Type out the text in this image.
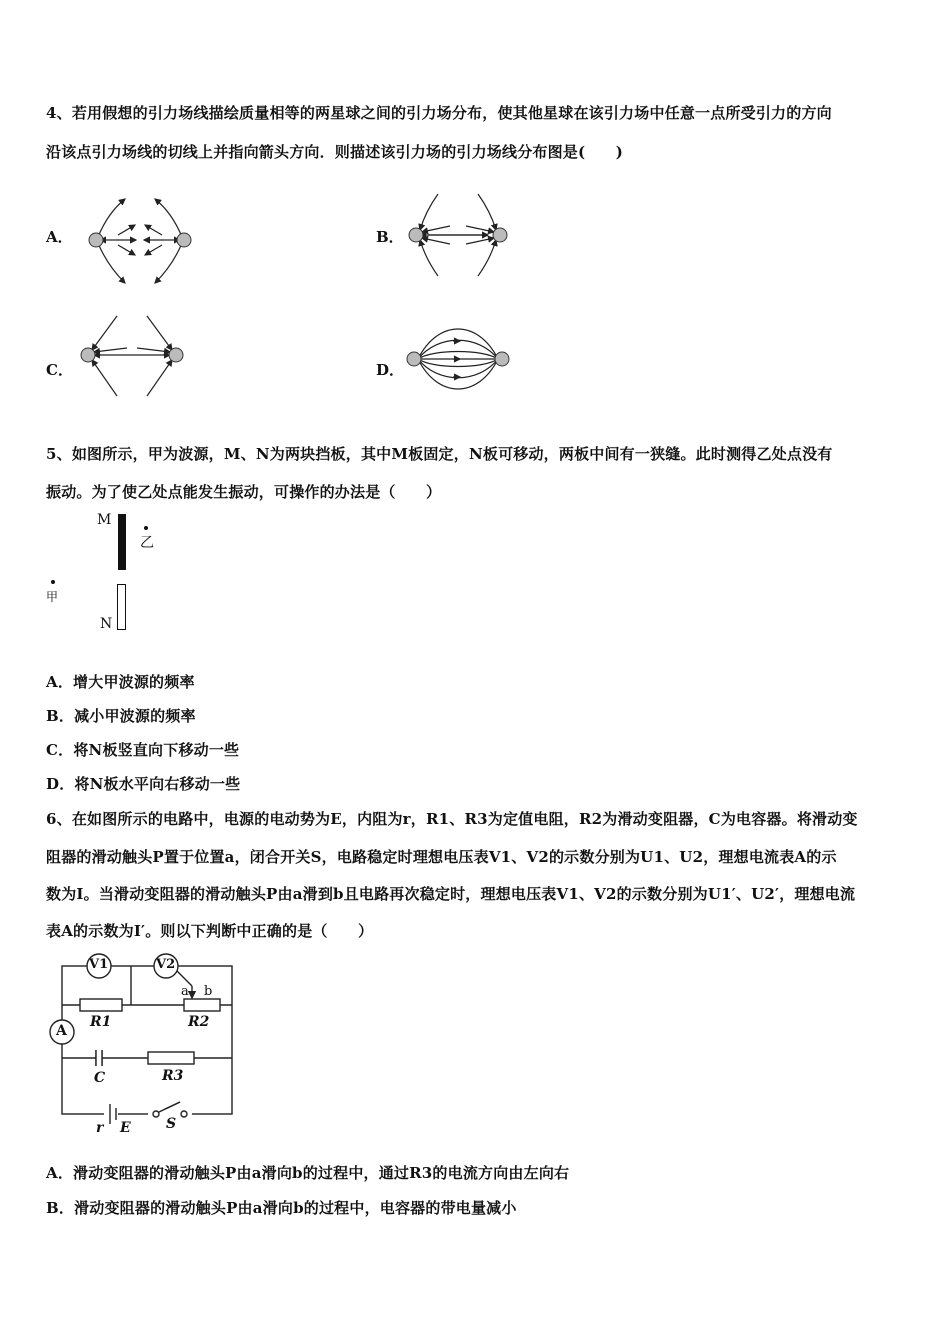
4、若用假想的引力场线描绘质量相等的两星球之间的引力场分布，使其他星球在该引力场中任意一点所受引力的方向
沿该点引力场线的切线上并指向箭头方向．则描述该引力场的引力场线分布图是(　　)
A．	B．
C．	D．
5、如图所示，甲为波源，M、N为两块挡板，其中M板固定，N板可移动，两板中间有一狭缝。此时测得乙处点没有
振动。为了使乙处点能发生振动，可操作的办法是（　　）
M
乙
甲
N
A．增大甲波源的频率
B．减小甲波源的频率
C．将N板竖直向下移动一些
D．将N板水平向右移动一些
6、在如图所示的电路中，电源的电动势为E，内阻为r，R1、R3为定值电阻，R2为滑动变阻器，C为电容器。将滑动变
阻器的滑动触头P置于位置a，闭合开关S，电路稳定时理想电压表V1、V2的示数分别为U1、U2，理想电流表A的示
数为I。当滑动变阻器的滑动触头P由a滑到b且电路再次稳定时，理想电压表V1、V2的示数分别为U1′、U2′，理想电流
表A的示数为I′。则以下判断中正确的是（　　）
V1	V2
A
a b
R1	R2
C	R3
r E	S
A．滑动变阻器的滑动触头P由a滑向b的过程中，通过R3的电流方向由左向右
B．滑动变阻器的滑动触头P由a滑向b的过程中，电容器的带电量减小
